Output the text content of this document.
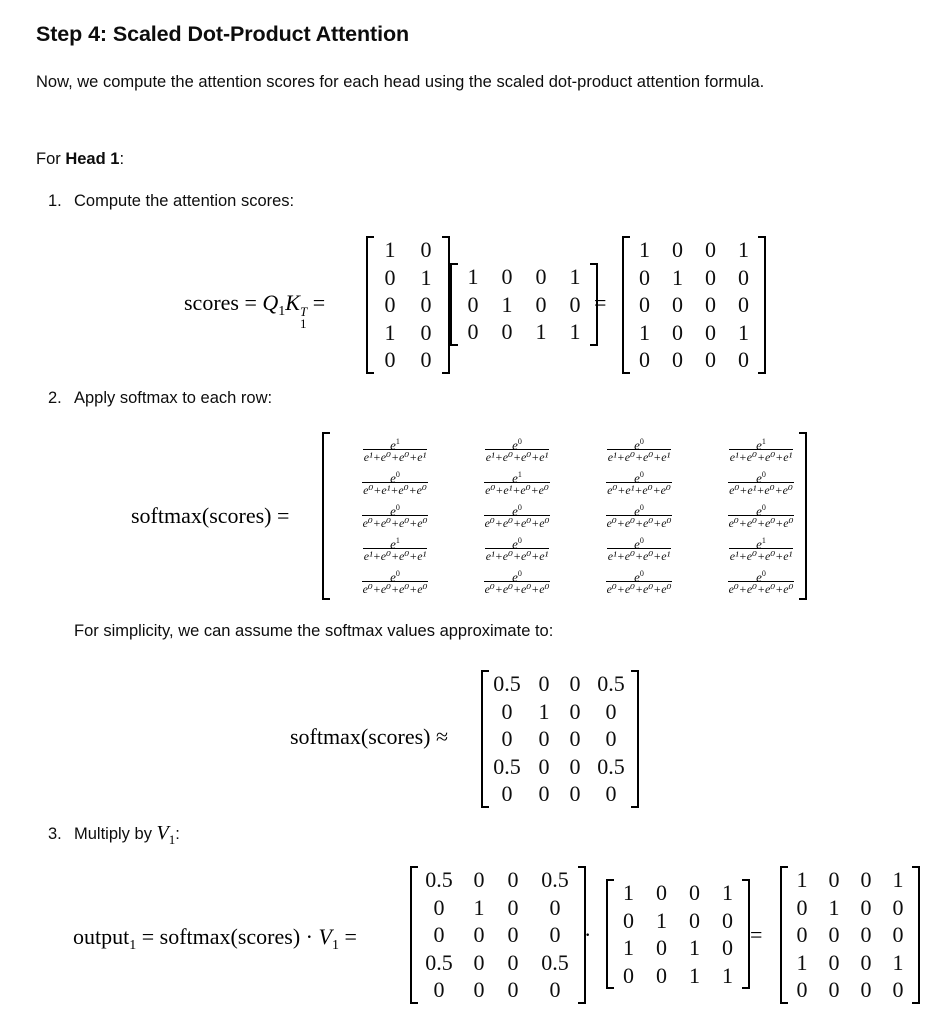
Step 4: Scaled Dot-Product Attention
Now, we compute the attention scores for each head using the scaled dot-product attention formula.
For Head 1:
1. Compute the attention scores:
scores = $Q_1K$ T
1
=
1	0
0	1
0	0
1	0
0	0
1	0	0	1
0	1	0	0
0	0	1	1
=
1	0	0	1
0	1	0	0
0	0	0	0
1	0	0	1
0	0	0	0
2. Apply softmax to each row:
softmax(scores) =
$\frac{e^1}{\text{e¹+e⁰+e⁰+e¹}} \frac{e^0}{\text{e¹+e⁰+e⁰+e¹}} \frac{e^0}{\text{e¹+e⁰+e⁰+e¹}} \frac{e^1}{\text{e¹+e⁰+e⁰+e¹}}$
$\frac{e^0}{\text{e⁰+e¹+e⁰+e⁰}} \frac{e^1}{\text{e⁰+e¹+e⁰+e⁰}} \frac{e^0}{\text{e⁰+e¹+e⁰+e⁰}} \frac{e^0}{\text{e⁰+e¹+e⁰+e⁰}}$
$\frac{e^0}{\text{e⁰+e⁰+e⁰+e⁰}} \frac{e^0}{\text{e⁰+e⁰+e⁰+e⁰}} \frac{e^0}{\text{e⁰+e⁰+e⁰+e⁰}} \frac{e^0}{\text{e⁰+e⁰+e⁰+e⁰}}$
$\frac{e^1}{\text{e¹+e⁰+e⁰+e¹}} \frac{e^0}{\text{e¹+e⁰+e⁰+e¹}} \frac{e^0}{\text{e¹+e⁰+e⁰+e¹}} \frac{e^1}{\text{e¹+e⁰+e⁰+e¹}}$
$\frac{e^0}{\text{e⁰+e⁰+e⁰+e⁰}} \frac{e^0}{\text{e⁰+e⁰+e⁰+e⁰}} \frac{e^0}{\text{e⁰+e⁰+e⁰+e⁰}} \frac{e^0}{\text{e⁰+e⁰+e⁰+e⁰}}$
For simplicity, we can assume the softmax values approximate to:
softmax(scores) ≈
0.5	0	0	0.5
0	1	0	0
0	0	0	0
0.5	0	0	0.5
0	0	0	0
3. Multiply by $V_1$:
output$_1$ = softmax(scores) · $V_1$ =
0.5	0	0	0.5
0	1	0	0
0	0	0	0
0.5	0	0	0.5
0	0	0	0
·
1	0	0	1
0	1	0	0
1	0	1	0
0	0	1	1
=
1	0	0	1
0	1	0	0
0	0	0	0
1	0	0	1
0	0	0	0
